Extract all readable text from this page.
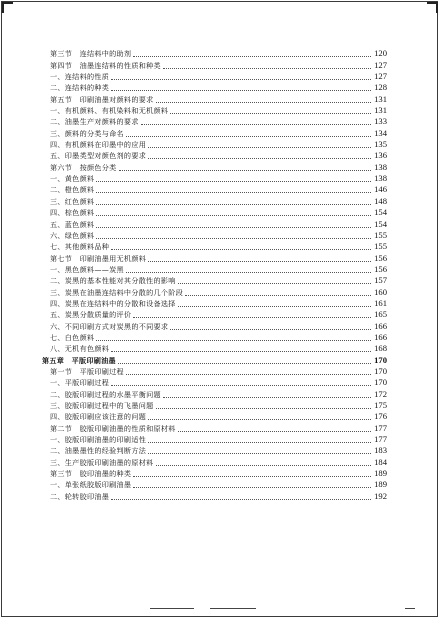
第三节　连结料中的助剂	120
第四节　油墨连结料的性质和种类	127
一、连结料的性质	127
二、连结料的种类	128
第五节　印刷油墨对颜料的要求	131
一、有机颜料、有机染料和无机颜料	131
二、油墨生产对颜料的要求	133
三、颜料的分类与命名	134
四、有机颜料在印墨中的应用	135
五、印墨类型对颜色剂的要求	136
第六节　按颜色分类	138
一、黄色颜料	138
二、橙色颜料	146
三、红色颜料	148
四、棕色颜料	154
五、蓝色颜料	154
六、绿色颜料	155
七、其他颜料品种	155
第七节　印刷油墨用无机颜料	156
一、黑色颜料——炭黑	156
二、炭黑的基本性能对其分散性的影响	157
三、炭黑在油墨连结料中分散的几个阶段	160
四、炭黑在连结料中的分散和设备选择	161
五、炭黑分散质量的评价	165
六、不同印刷方式对炭黑的不同要求	166
七、白色颜料	166
八、无机有色颜料	168
第五章　平版印刷油墨	170
第一节　平版印刷过程	170
一、平版印刷过程	170
二、胶版印刷过程的水墨平衡问题	172
三、胶版印刷过程中的飞墨问题	175
四、胶版印刷应该注意的问题	176
第二节　胶版印刷油墨的性质和原材料	177
一、胶版印刷油墨的印刷适性	177
二、油墨墨性的经验判断方法	183
三、生产胶版印刷油墨的原材料	184
第三节　胶印油墨的种类	189
一、单张纸胶版印刷油墨	189
二、轮转胶印油墨	192
